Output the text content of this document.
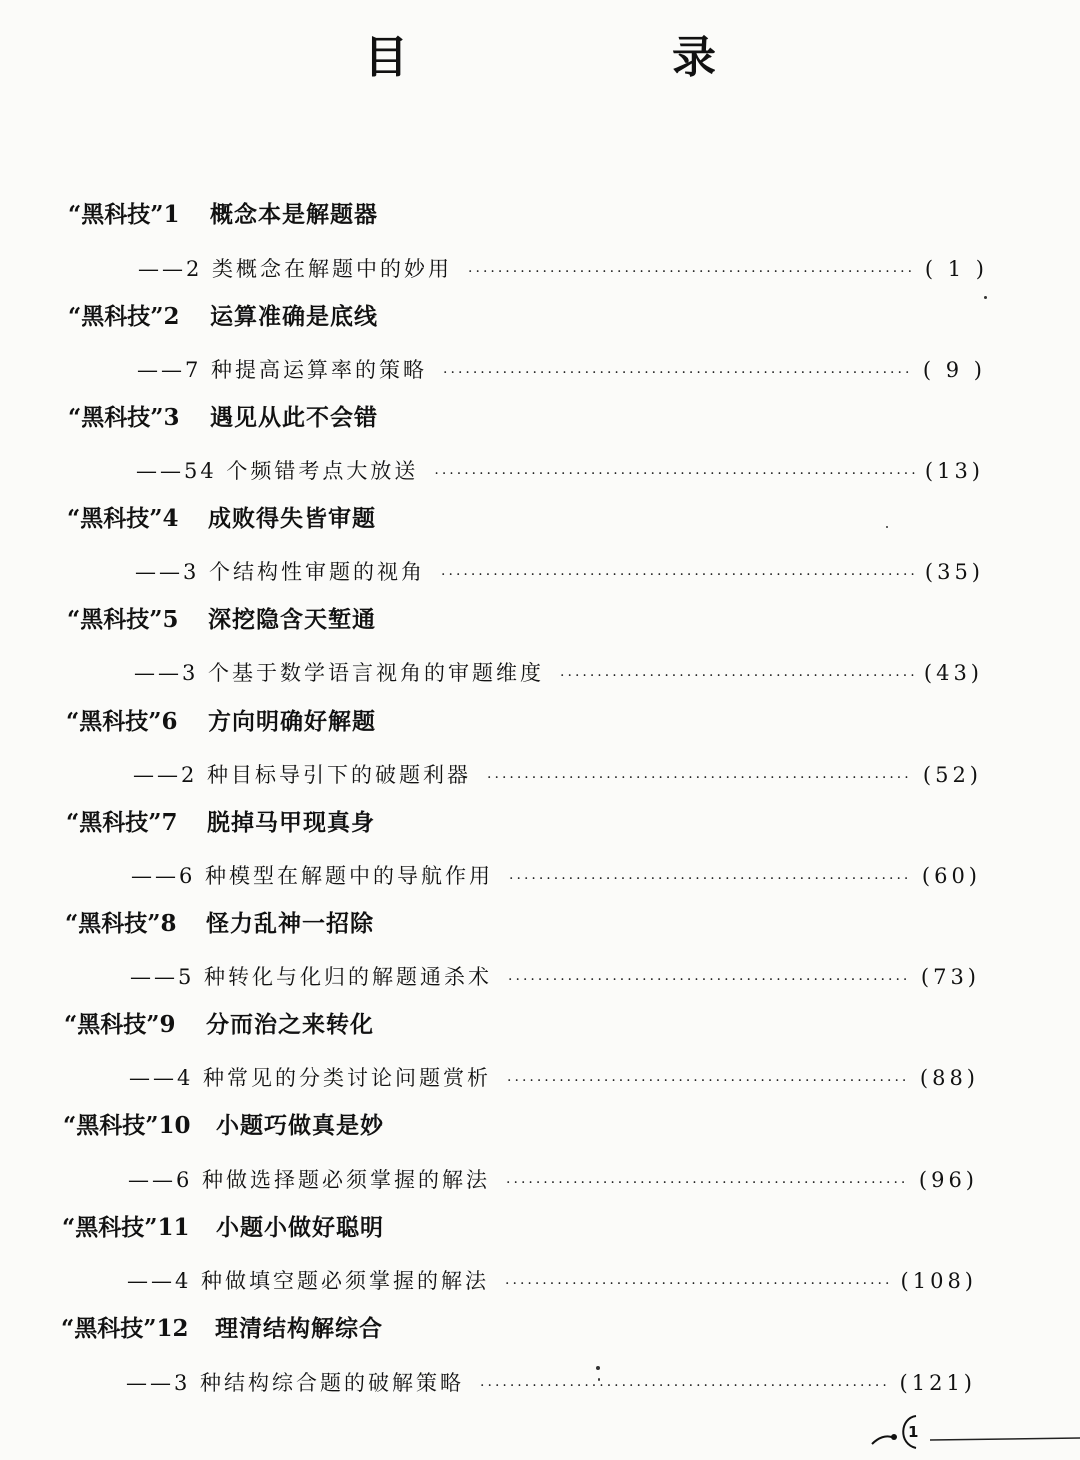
目　录
“黑科技”1 概念本是解题器
——2 类概念在解题中的妙用 ·····	( 1 )
“黑科技”2 运算准确是底线
——7 种提高运算率的策略 ·····	( 9 )
“黑科技”3 遇见从此不会错
——54 个频错考点大放送 ·····	(13)
“黑科技”4 成败得失皆审题
——3 个结构性审题的视角 ·····	(35)
“黑科技”5 深挖隐含天堑通
——3 个基于数学语言视角的审题维度 ·····	(43)
“黑科技”6 方向明确好解题
——2 种目标导引下的破题利器 ·····	(52)
“黑科技”7 脱掉马甲现真身
——6 种模型在解题中的导航作用 ·····	(60)
“黑科技”8 怪力乱神一招除
——5 种转化与化归的解题通杀术 ·····	(73)
“黑科技”9 分而治之来转化
——4 种常见的分类讨论问题赏析 ·····	(88)
“黑科技”10 小题巧做真是妙
——6 种做选择题必须掌握的解法 ·····	(96)
“黑科技”11 小题小做好聪明
——4 种做填空题必须掌握的解法 ·····	(108)
“黑科技”12 理清结构解综合
——3 种结构综合题的破解策略 ·····	(121)
1
